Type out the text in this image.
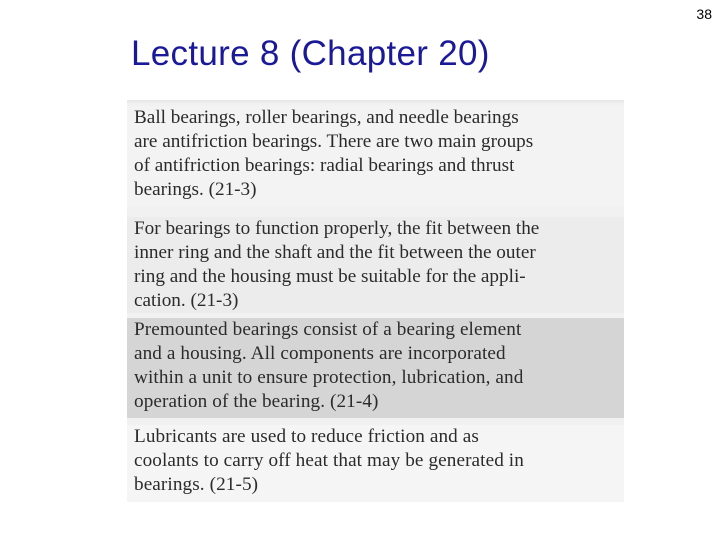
38
Lecture 8 (Chapter 20)
Ball bearings, roller bearings, and needle bearings
are antifriction bearings. There are two main groups
of antifriction bearings: radial bearings and thrust
bearings. (21-3)
For bearings to function properly, the fit between the
inner ring and the shaft and the fit between the outer
ring and the housing must be suitable for the appli-
cation. (21-3)
Premounted bearings consist of a bearing element
and a housing. All components are incorporated
within a unit to ensure protection, lubrication, and
operation of the bearing. (21-4)
Lubricants are used to reduce friction and as
coolants to carry off heat that may be generated in
bearings. (21-5)
